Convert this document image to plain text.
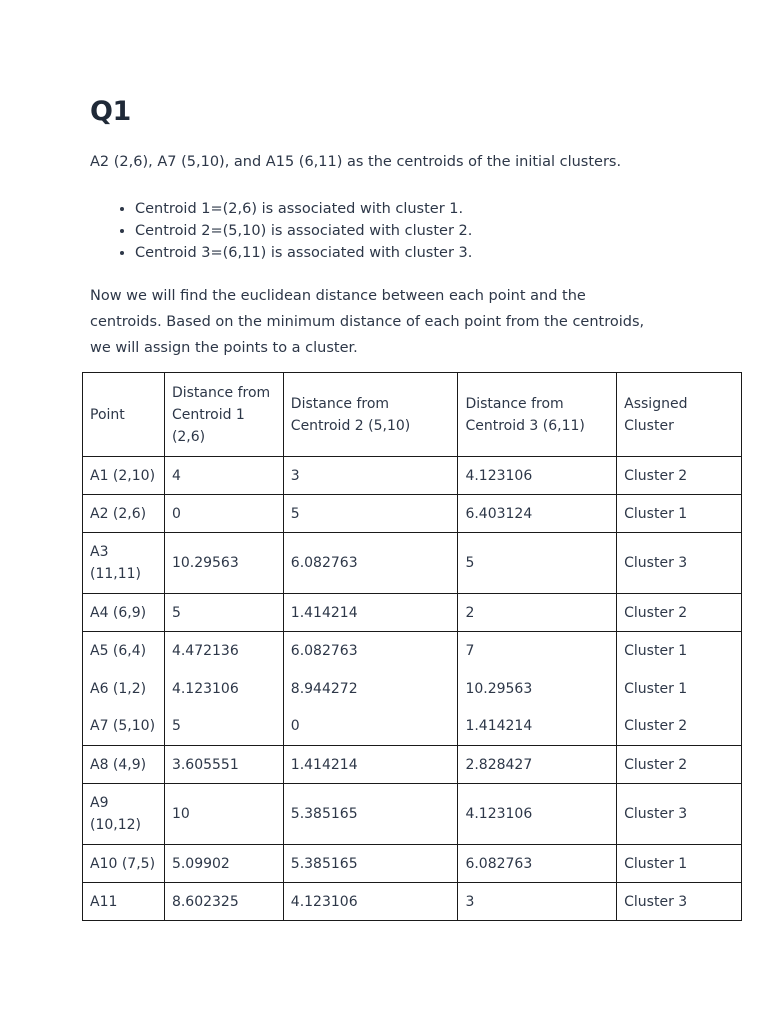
Q1

A2 (2,6), A7 (5,10), and A15 (6,11) as the centroids of the initial clusters.

• Centroid 1=(2,6) is associated with cluster 1.
• Centroid 2=(5,10) is associated with cluster 2.
• Centroid 3=(6,11) is associated with cluster 3.

Now we will find the euclidean distance between each point and the centroids. Based on the minimum distance of each point from the centroids, we will assign the points to a cluster.

Point	Distance from Centroid 1 (2,6)	Distance from Centroid 2 (5,10)	Distance from Centroid 3 (6,11)	Assigned Cluster
A1 (2,10)	4	3	4.123106	Cluster 2
A2 (2,6)	0	5	6.403124	Cluster 1
A3 (11,11)	10.29563	6.082763	5	Cluster 3
A4 (6,9)	5	1.414214	2	Cluster 2
A5 (6,4)	4.472136	6.082763	7	Cluster 1
A6 (1,2)	4.123106	8.944272	10.29563	Cluster 1
A7 (5,10)	5	0	1.414214	Cluster 2
A8 (4,9)	3.605551	1.414214	2.828427	Cluster 2
A9 (10,12)	10	5.385165	4.123106	Cluster 3
A10 (7,5)	5.09902	5.385165	6.082763	Cluster 1
A11	8.602325	4.123106	3	Cluster 3
